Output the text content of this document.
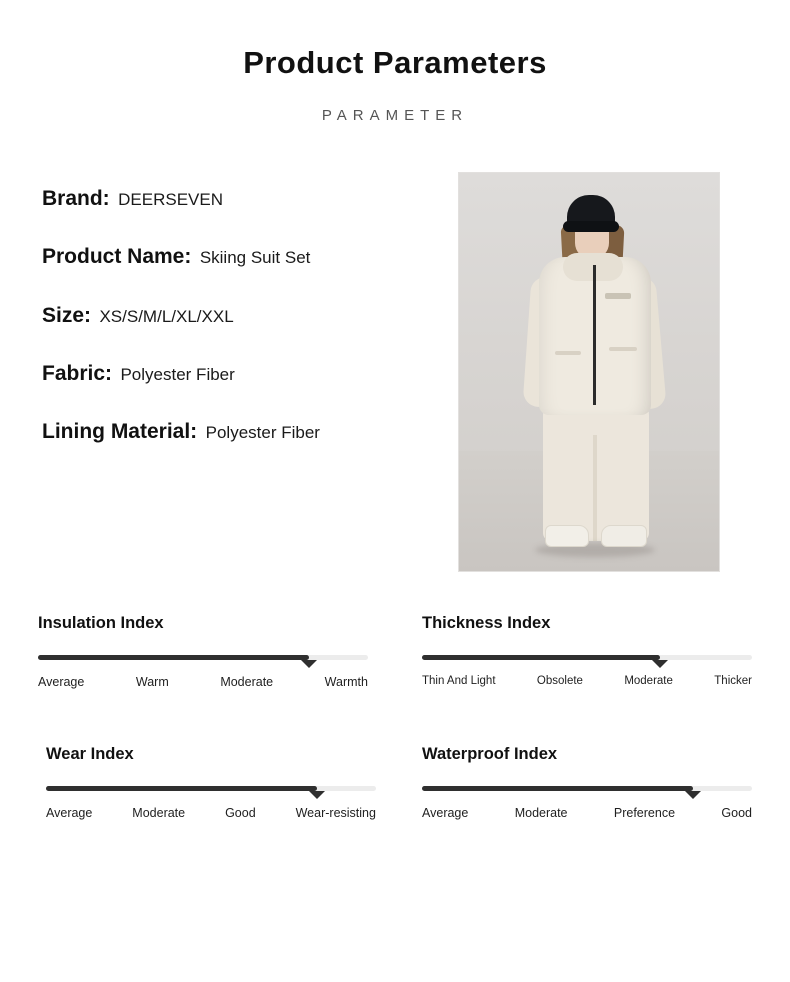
Product Parameters
PARAMETER
Brand: DEERSEVEN
Product Name: Skiing Suit Set
Size: XS/S/M/L/XL/XXL
Fabric: Polyester Fiber
Lining Material: Polyester Fiber
Insulation Index
Average	Warm	Moderate	Warmth
Thickness Index
Thin And Light	Obsolete	Moderate	Thicker
Wear Index
Average	Moderate	Good	Wear-resisting
Waterproof Index
Average	Moderate	Preference	Good
